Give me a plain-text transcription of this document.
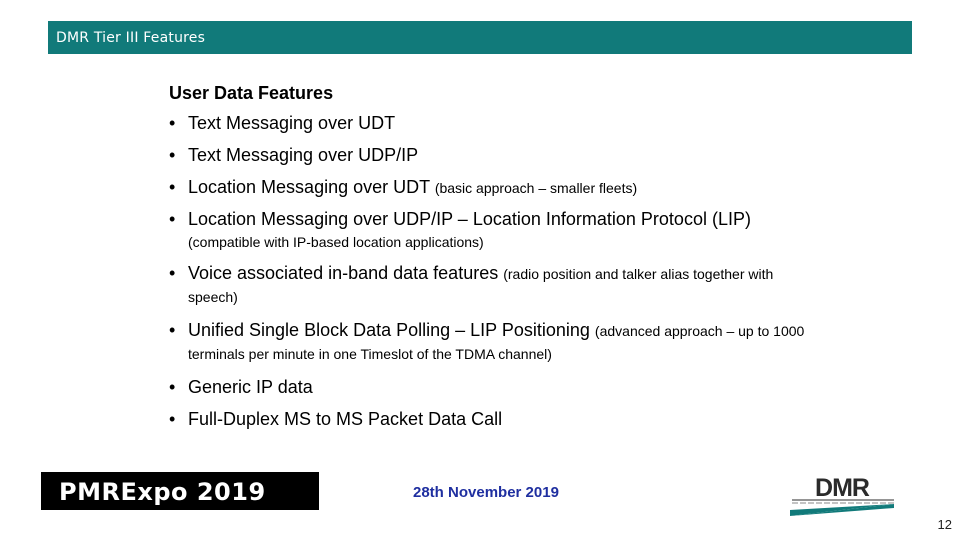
DMR Tier III Features
User Data Features
• Text Messaging over UDT
• Text Messaging over UDP/IP
• Location Messaging over UDT (basic approach – smaller fleets)
• Location Messaging over UDP/IP – Location Information Protocol (LIP) (compatible with IP-based location applications)
• Voice associated in-band data features (radio position and talker alias together with speech)
• Unified Single Block Data Polling – LIP Positioning (advanced approach – up to 1000 terminals per minute in one Timeslot of the TDMA channel)
• Generic IP data
• Full-Duplex MS to MS Packet Data Call
PMRExpo 2019	28th November 2019	DMR
12
